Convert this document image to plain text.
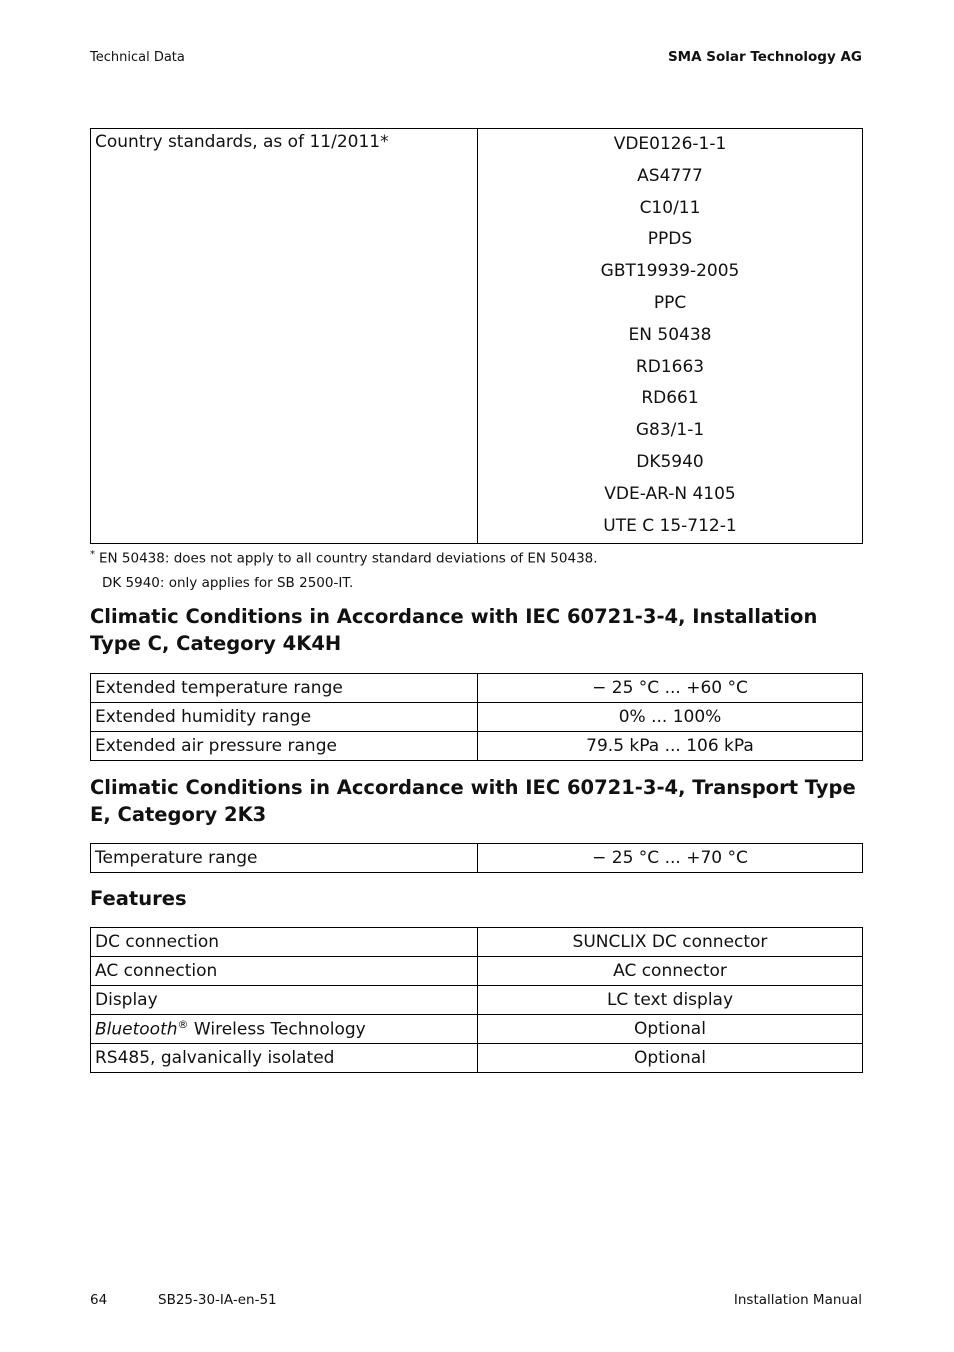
Technical Data	SMA Solar Technology AG
Country standards, as of 11/2011*	VDE0126-1-1
AS4777
C10/11
PPDS
GBT19939-2005
PPC
EN 50438
RD1663
RD661
G83/1-1
DK5940
VDE-AR-N 4105
UTE C 15-712-1
* EN 50438: does not apply to all country standard deviations of EN 50438.
DK 5940: only applies for SB 2500-IT.
Climatic Conditions in Accordance with IEC 60721-3-4, Installation Type C, Category 4K4H
Extended temperature range	− 25 °C ... +60 °C
Extended humidity range	0% ... 100%
Extended air pressure range	79.5 kPa ... 106 kPa
Climatic Conditions in Accordance with IEC 60721-3-4, Transport Type E, Category 2K3
Temperature range	− 25 °C ... +70 °C
Features
DC connection	SUNCLIX DC connector
AC connection	AC connector
Display	LC text display
Bluetooth® Wireless Technology	Optional
RS485, galvanically isolated	Optional
64	SB25-30-IA-en-51	Installation Manual
